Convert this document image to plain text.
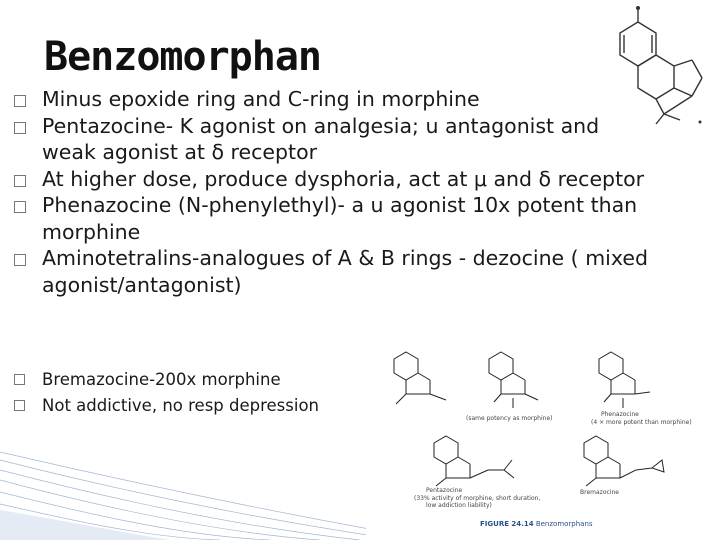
Benzomorphan
Minus epoxide ring and C-ring in morphine
Pentazocine- K agonist on analgesia; u antagonist and weak agonist at δ receptor
At higher dose, produce dysphoria, act at μ and δ receptor
Phenazocine (N-phenylethyl)- a u agonist 10x potent than morphine
Aminotetralins-analogues of A & B rings - dezocine ( mixed agonist/antagonist)
Bremazocine-200x morphine
Not addictive, no resp depression
(same potency as morphine)
Phenazocine
(4 × more potent than morphine)
Pentazocine
(33% activity of morphine, short duration,
low addiction liability)
Bremazocine
FIGURE 24.14 Benzomorphans
